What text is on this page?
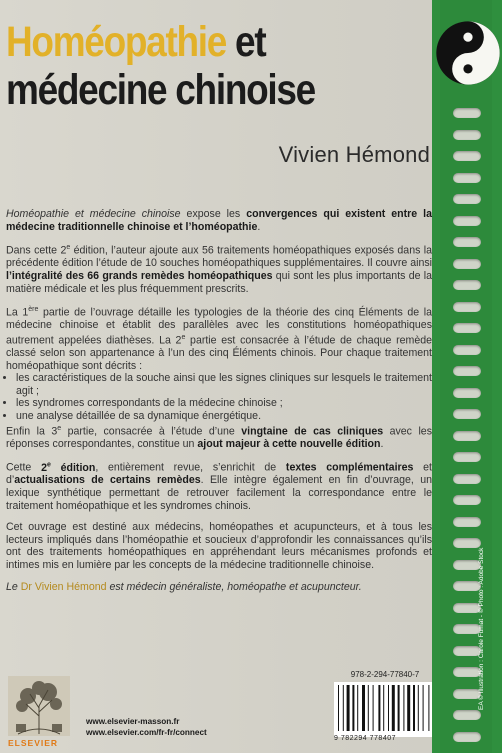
EA © Illustration : Carole Fumat - © Photo : Adobe Stock
Homéopathie et
médecine chinoise
Vivien Hémond

Homéopathie et médecine chinoise expose les convergences qui existent entre la médecine traditionnelle chinoise et l’homéopathie.

Dans cette 2e édition, l’auteur ajoute aux 56 traitements homéopathiques exposés dans la précédente édition l’étude de 10 souches homéopathiques supplémentaires. Il couvre ainsi l’intégralité des 66 grands remèdes homéopathiques qui sont les plus importants de la matière médicale et les plus fréquemment prescrits.

La 1ère partie de l’ouvrage détaille les typologies de la théorie des cinq Éléments de la médecine chinoise et établit des parallèles avec les constitutions homéopathiques autrement appelées diathèses. La 2e partie est consacrée à l’étude de chaque remède classé selon son appartenance à l’un des cinq Éléments chinois. Pour chaque traitement homéopathique sont décrits :

• les caractéristiques de la souche ainsi que les signes cliniques sur lesquels le traitement agit ;
• les syndromes correspondants de la médecine chinoise ;
• une analyse détaillée de sa dynamique énergétique.

Enfin la 3e partie, consacrée à l’étude d’une vingtaine de cas cliniques avec les réponses correspondantes, constitue un ajout majeur à cette nouvelle édition.

Cette 2e édition, entièrement revue, s’enrichit de textes complémentaires et d’actualisations de certains remèdes. Elle intègre également en fin d’ouvrage, un lexique synthétique permettant de retrouver facilement la correspondance entre le traitement homéopathique et les syndromes chinois.

Cet ouvrage est destiné aux médecins, homéopathes et acupuncteurs, et à tous les lecteurs impliqués dans l’homéopathie et soucieux d’approfondir les connaissances qu’ils ont des traitements homéopathiques en appréhendant leurs mécanismes profonds et intimes mis en lumière par les concepts de la médecine traditionnelle chinoise.

Le Dr Vivien Hémond est médecin généraliste, homéopathe et acupuncteur.

ELSEVIER
www.elsevier-masson.fr
www.elsevier.com/fr-fr/connect
978-2-294-77840-7
9 782294 778407
